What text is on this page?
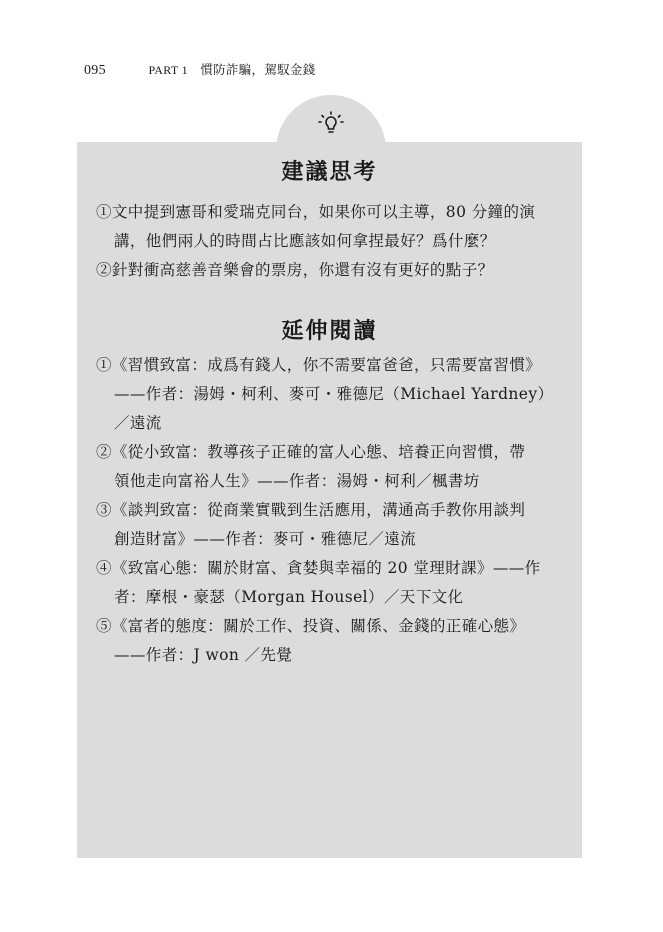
095	PART 1 慣防詐騙，駕馭金錢
建議思考
①文中提到憲哥和愛瑞克同台，如果你可以主導，80 分鐘的演
講，他們兩人的時間占比應該如何拿捏最好？爲什麼？
②針對衝高慈善音樂會的票房，你還有沒有更好的點子？
延伸閱讀
①《習慣致富：成爲有錢人，你不需要富爸爸，只需要富習慣》
——作者：湯姆・柯利、麥可・雅德尼（Michael Yardney）
／遠流
②《從小致富：教導孩子正確的富人心態、培養正向習慣，帶
領他走向富裕人生》——作者：湯姆・柯利／楓書坊
③《談判致富：從商業實戰到生活應用，溝通高手教你用談判
創造財富》——作者：麥可・雅德尼／遠流
④《致富心態：關於財富、貪婪與幸福的 20 堂理財課》——作
者：摩根・豪瑟（Morgan Housel）／天下文化
⑤《富者的態度：關於工作、投資、關係、金錢的正確心態》
——作者：J won ／先覺
